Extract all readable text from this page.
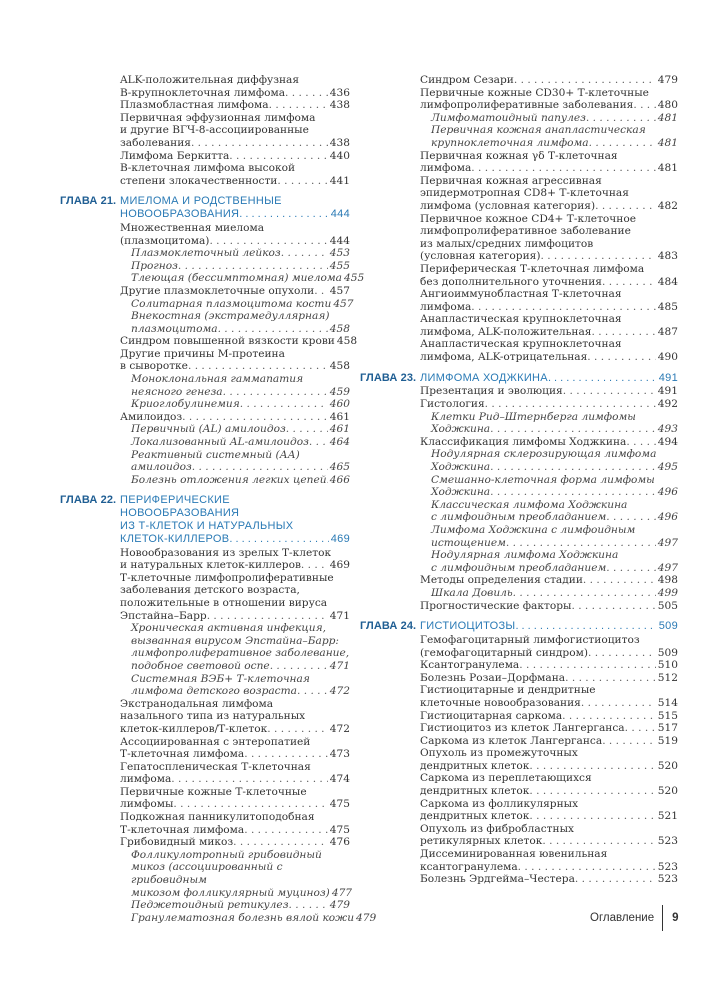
ALK-положительная диффузная
В-крупноклеточная лимфома . . .	436
Плазмобластная лимфома . . .	438
Первичная эффузионная лимфома
и другие ВГЧ-8-ассоциированные
заболевания . . .	438
Лимфома Беркитта . . .	440
В-клеточная лимфома высокой
степени злокачественности . . .	441
ГЛАВА 21. МИЕЛОМА И РОДСТВЕННЫЕ
НОВООБРАЗОВАНИЯ . . .	444
Множественная миелома
(плазмоцитома) . . .	444
Плазмоклеточный лейкоз . . .	453
Прогноз . . .	455
Тлеющая (бессимптомная) миелома 455
Другие плазмоклеточные опухоли . . . 457
Солитарная плазмоцитома кости 457
Внекостная (экстрамедуллярная)
плазмоцитома . . .	458
Синдром повышенной вязкости крови 458
Другие причины М-протеина
в сыворотке . . .	458
Моноклональная гаммапатия
неясного генеза . . .	459
Криоглобулинемия . . .	460
Амилоидоз . . .	461
Первичный (AL) амилоидоз . . .	461
Локализованный AL-амилоидоз . . . 464
Реактивный системный (АА)
амилоидоз . . .	465
Болезнь отложения легких цепей . . . 466
ГЛАВА 22. ПЕРИФЕРИЧЕСКИЕ НОВООБРАЗОВАНИЯ
ИЗ Т-КЛЕТОК И НАТУРАЛЬНЫХ
КЛЕТОК-КИЛЛЕРОВ . . .	469
Новообразования из зрелых Т-клеток
и натуральных клеток-киллеров . . .	469
Т-клеточные лимфопролиферативные
заболевания детского возраста,
положительные в отношении вируса
Эпстайна–Барр . . .	471
Хроническая активная инфекция,
вызванная вирусом Эпстайна–Барр:
лимфопролиферативное заболевание,
подобное световой оспе . . .	471
Системная ВЭБ+ Т-клеточная
лимфома детского возраста . . .	472
Экстранодальная лимфома
назального типа из натуральных
клеток-киллеров/Т-клеток . . .	472
Ассоциированная с энтеропатией
Т-клеточная лимфома . . .	473
Гепатоспленическая Т-клеточная
лимфома . . .	474
Первичные кожные Т-клеточные
лимфомы . . .	475
Подкожная панникулитоподобная
Т-клеточная лимфома . . .	475
Грибовидный микоз . . .	476
Фолликулотропный грибовидный
микоз (ассоциированный с грибовидным
микозом фолликулярный муциноз) 477
Педжетоидный ретикулез . . .	479
Гранулематозная болезнь вялой кожи 479
Синдром Сезари . . .	479
Первичные кожные CD30+ Т-клеточные
лимфопролиферативные заболевания . . . 480
Лимфоматоидный папулез . . .	481
Первичная кожная анапластическая
крупноклеточная лимфома . . .	481
Первичная кожная γδ Т-клеточная
лимфома . . .	481
Первичная кожная агрессивная
эпидермотропная CD8+ Т-клеточная
лимфома (условная категория) . . .	482
Первичное кожное CD4+ Т-клеточное
лимфопролиферативное заболевание
из малых/средних лимфоцитов
(условная категория) . . .	483
Периферическая Т-клеточная лимфома
без дополнительного уточнения . . .	484
Ангиоиммунобластная Т-клеточная
лимфома . . .	485
Анапластическая крупноклеточная
лимфома, ALK-положительная . . .	487
Анапластическая крупноклеточная
лимфома, ALK-отрицательная . . .	490
ГЛАВА 23. ЛИМФОМА ХОДЖКИНА . . .	491
Презентация и эволюция . . .	491
Гистология . . .	492
Клетки Рид–Штернберга лимфомы
Ходжкина . . .	493
Классификация лимфомы Ходжкина . . .	494
Нодулярная склерозирующая лимфома
Ходжкина . . .	495
Смешанно-клеточная форма лимфомы
Ходжкина . . .	496
Классическая лимфома Ходжкина
с лимфоидным преобладанием . . .	496
Лимфома Ходжкина с лимфоидным
истощением . . .	497
Нодулярная лимфома Ходжкина
с лимфоидным преобладанием . . .	497
Методы определения стадии . . .	498
Шкала Довиль . . .	499
Прогностические факторы . . .	505
ГЛАВА 24. ГИСТИОЦИТОЗЫ . . .	509
Гемофагоцитарный лимфогистиоцитоз
(гемофагоцитарный синдром) . . .	509
Ксантогранулема . . .	510
Болезнь Розаи–Дорфмана . . .	512
Гистиоцитарные и дендритные
клеточные новообразования . . .	514
Гистиоцитарная саркома . . .	515
Гистиоцитоз из клеток Лангерганса . . .	517
Саркома из клеток Лангерганса . . .	519
Опухоль из промежуточных
дендритных клеток . . .	520
Саркома из переплетающихся
дендритных клеток . . .	520
Саркома из фолликулярных
дендритных клеток . . .	521
Опухоль из фибробластных
ретикулярных клеток . . .	523
Диссеминированная ювенильная
ксантогранулема . . .	523
Болезнь Эрдгейма–Честера . . .	523
Оглавление 9
